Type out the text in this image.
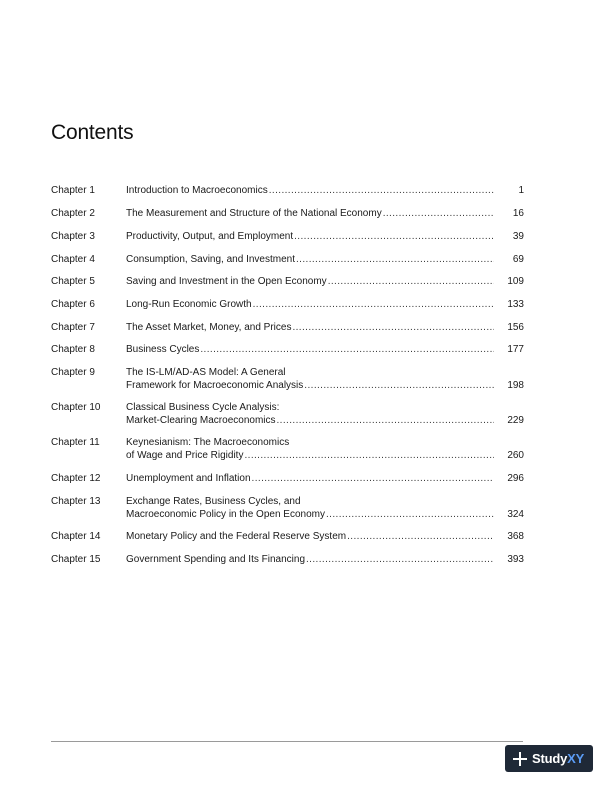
Contents
Chapter 1	Introduction to Macroeconomics .....	1
Chapter 2	The Measurement and Structure of the National Economy .....	16
Chapter 3	Productivity, Output, and Employment .....	39
Chapter 4	Consumption, Saving, and Investment .....	69
Chapter 5	Saving and Investment in the Open Economy .....	109
Chapter 6	Long-Run Economic Growth .....	133
Chapter 7	The Asset Market, Money, and Prices .....	156
Chapter 8	Business Cycles .....	177
Chapter 9	The IS-LM/AD-AS Model: A General
Framework for Macroeconomic Analysis .....	198
Chapter 10	Classical Business Cycle Analysis:
Market-Clearing Macroeconomics .....	229
Chapter 11	Keynesianism: The Macroeconomics
of Wage and Price Rigidity .....	260
Chapter 12	Unemployment and Inflation .....	296
Chapter 13	Exchange Rates, Business Cycles, and
Macroeconomic Policy in the Open Economy .....	324
Chapter 14	Monetary Policy and the Federal Reserve System .....	368
Chapter 15	Government Spending and Its Financing .....	393
StudyXY
